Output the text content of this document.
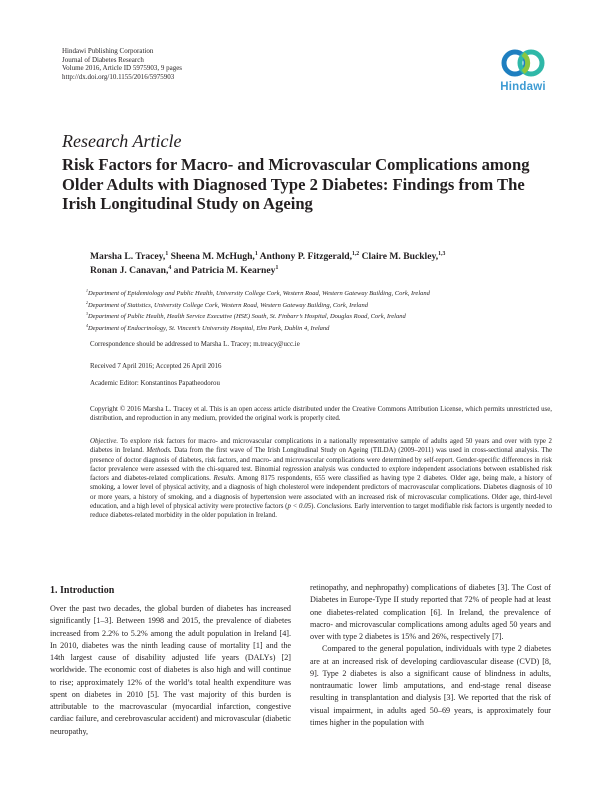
Hindawi Publishing Corporation
Journal of Diabetes Research
Volume 2016, Article ID 5975903, 9 pages
http://dx.doi.org/10.1155/2016/5975903
Hindawi
Research Article
Risk Factors for Macro- and Microvascular Complications among Older Adults with Diagnosed Type 2 Diabetes: Findings from The Irish Longitudinal Study on Ageing
Marsha L. Tracey,$^1$ Sheena M. McHugh,$^1$ Anthony P. Fitzgerald,$^{1,2}$ Claire M. Buckley,$^{1,3}$
Ronan J. Canavan,$^4$ and Patricia M. Kearney$^1$
$^1$Department of Epidemiology and Public Health, University College Cork, Western Road, Western Gateway Building, Cork, Ireland
$^2$Department of Statistics, University College Cork, Western Road, Western Gateway Building, Cork, Ireland
$^3$Department of Public Health, Health Service Executive (HSE) South, St. Finbarr’s Hospital, Douglas Road, Cork, Ireland
$^4$Department of Endocrinology, St. Vincent’s University Hospital, Elm Park, Dublin 4, Ireland
Correspondence should be addressed to Marsha L. Tracey; m.treacy@ucc.ie
Received 7 April 2016; Accepted 26 April 2016
Academic Editor: Konstantinos Papatheodorou
Copyright © 2016 Marsha L. Tracey et al. This is an open access article distributed under the Creative Commons Attribution License, which permits unrestricted use, distribution, and reproduction in any medium, provided the original work is properly cited.
Objective. To explore risk factors for macro- and microvascular complications in a nationally representative sample of adults aged 50 years and over with type 2 diabetes in Ireland. Methods. Data from the first wave of The Irish Longitudinal Study on Ageing (TILDA) (2009–2011) was used in cross-sectional analysis. The presence of doctor diagnosis of diabetes, risk factors, and macro- and microvascular complications were determined by self-report. Gender-specific differences in risk factor prevalence were assessed with the chi-squared test. Binomial regression analysis was conducted to explore independent associations between established risk factors and diabetes-related complications. Results. Among 8175 respondents, 655 were classified as having type 2 diabetes. Older age, being male, a history of smoking, a lower level of physical activity, and a diagnosis of high cholesterol were independent predictors of macrovascular complications. Diabetes diagnosis of 10 or more years, a history of smoking, and a diagnosis of hypertension were associated with an increased risk of microvascular complications. Older age, third-level education, and a high level of physical activity were protective factors (p < 0.05). Conclusions. Early intervention to target modifiable risk factors is urgently needed to reduce diabetes-related morbidity in the older population in Ireland.
1. Introduction

Over the past two decades, the global burden of diabetes has increased significantly [1–3]. Between 1998 and 2015, the prevalence of diabetes increased from 2.2% to 5.2% among the adult population in Ireland [4]. In 2010, diabetes was the ninth leading cause of mortality [1] and the 14th largest cause of disability adjusted life years (DALYs) [2] worldwide. The economic cost of diabetes is also high and will continue to rise; approximately 12% of the world’s total health expenditure was spent on diabetes in 2010 [5]. The vast majority of this burden is attributable to the macrovascular (myocardial infarction, congestive cardiac failure, and cerebrovascular accident) and microvascular (diabetic neuropathy,

retinopathy, and nephropathy) complications of diabetes [3]. The Cost of Diabetes in Europe-Type II study reported that 72% of people had at least one diabetes-related complication [6]. In Ireland, the prevalence of macro- and microvascular complications among adults aged 50 years and over with type 2 diabetes is 15% and 26%, respectively [7].

Compared to the general population, individuals with type 2 diabetes are at an increased risk of developing cardiovascular disease (CVD) [8, 9]. Type 2 diabetes is also a significant cause of blindness in adults, nontraumatic lower limb amputations, and end-stage renal disease resulting in transplantation and dialysis [3]. We reported that the risk of visual impairment, in adults aged 50–69 years, is approximately four times higher in the population with
